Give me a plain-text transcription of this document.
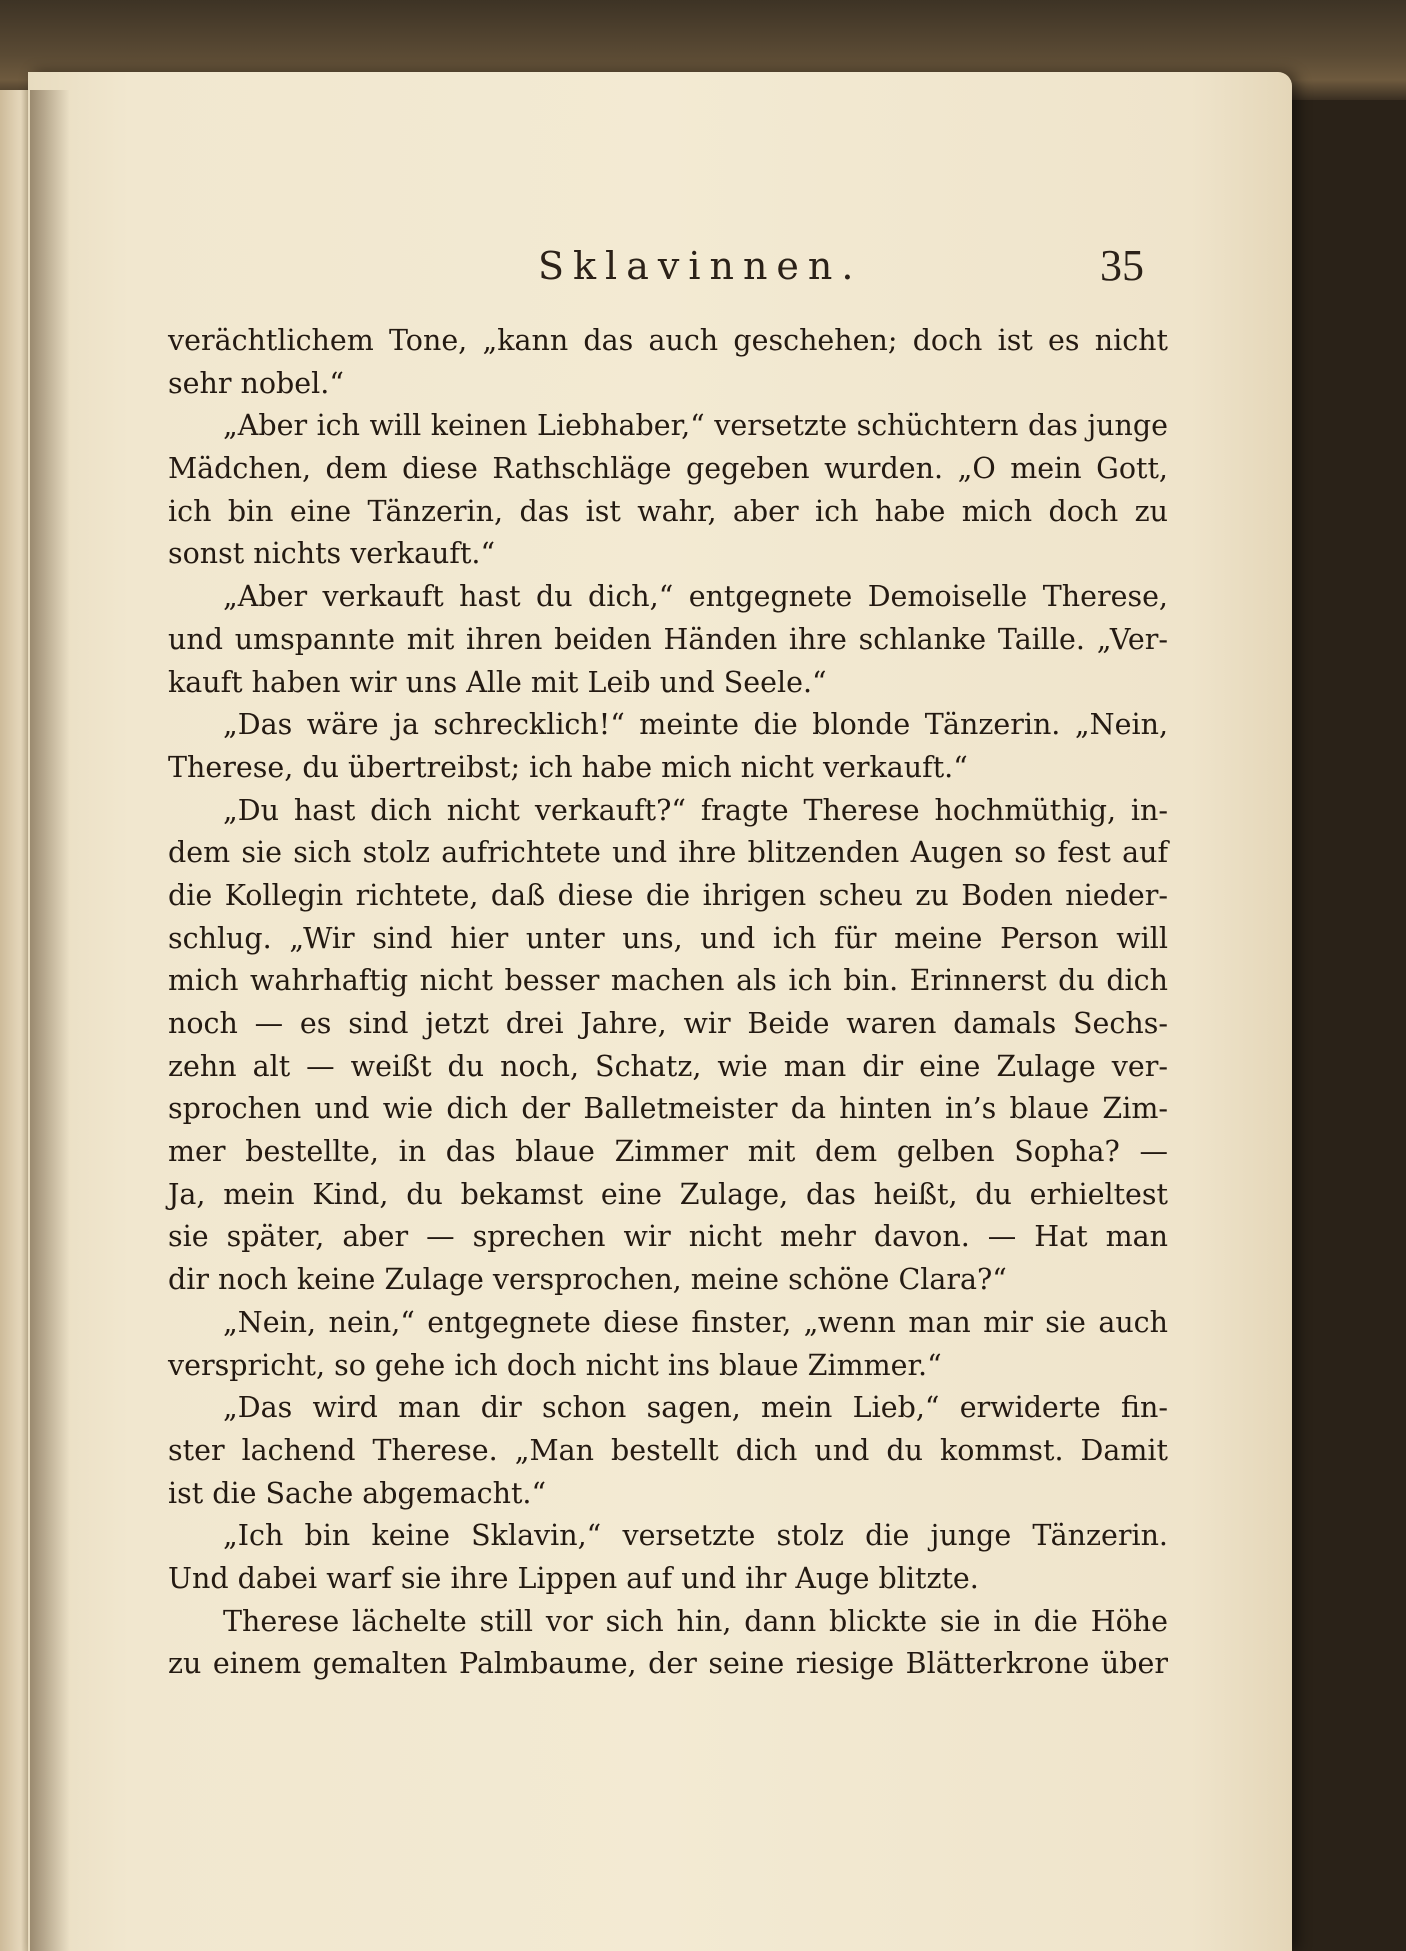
Sklavinnen.	35
verächtlichem Tone, „kann das auch geschehen; doch ist es nicht
sehr nobel.“
„Aber ich will keinen Liebhaber,“ versetzte schüchtern das junge
Mädchen, dem diese Rathschläge gegeben wurden. „O mein Gott,
ich bin eine Tänzerin, das ist wahr, aber ich habe mich doch zu
sonst nichts verkauft.“
„Aber verkauft hast du dich,“ entgegnete Demoiselle Therese,
und umspannte mit ihren beiden Händen ihre schlanke Taille. „Ver-
kauft haben wir uns Alle mit Leib und Seele.“
„Das wäre ja schrecklich!“ meinte die blonde Tänzerin. „Nein,
Therese, du übertreibst; ich habe mich nicht verkauft.“
„Du hast dich nicht verkauft?“ fragte Therese hochmüthig, in-
dem sie sich stolz aufrichtete und ihre blitzenden Augen so fest auf
die Kollegin richtete, daß diese die ihrigen scheu zu Boden nieder-
schlug. „Wir sind hier unter uns, und ich für meine Person will
mich wahrhaftig nicht besser machen als ich bin. Erinnerst du dich
noch — es sind jetzt drei Jahre, wir Beide waren damals Sechs-
zehn alt — weißt du noch, Schatz, wie man dir eine Zulage ver-
sprochen und wie dich der Balletmeister da hinten in’s blaue Zim-
mer bestellte, in das blaue Zimmer mit dem gelben Sopha? —
Ja, mein Kind, du bekamst eine Zulage, das heißt, du erhieltest
sie später, aber — sprechen wir nicht mehr davon. — Hat man
dir noch keine Zulage versprochen, meine schöne Clara?“
„Nein, nein,“ entgegnete diese finster, „wenn man mir sie auch
verspricht, so gehe ich doch nicht ins blaue Zimmer.“
„Das wird man dir schon sagen, mein Lieb,“ erwiderte fin-
ster lachend Therese. „Man bestellt dich und du kommst. Damit
ist die Sache abgemacht.“
„Ich bin keine Sklavin,“ versetzte stolz die junge Tänzerin.
Und dabei warf sie ihre Lippen auf und ihr Auge blitzte.
Therese lächelte still vor sich hin, dann blickte sie in die Höhe
zu einem gemalten Palmbaume, der seine riesige Blätterkrone über
